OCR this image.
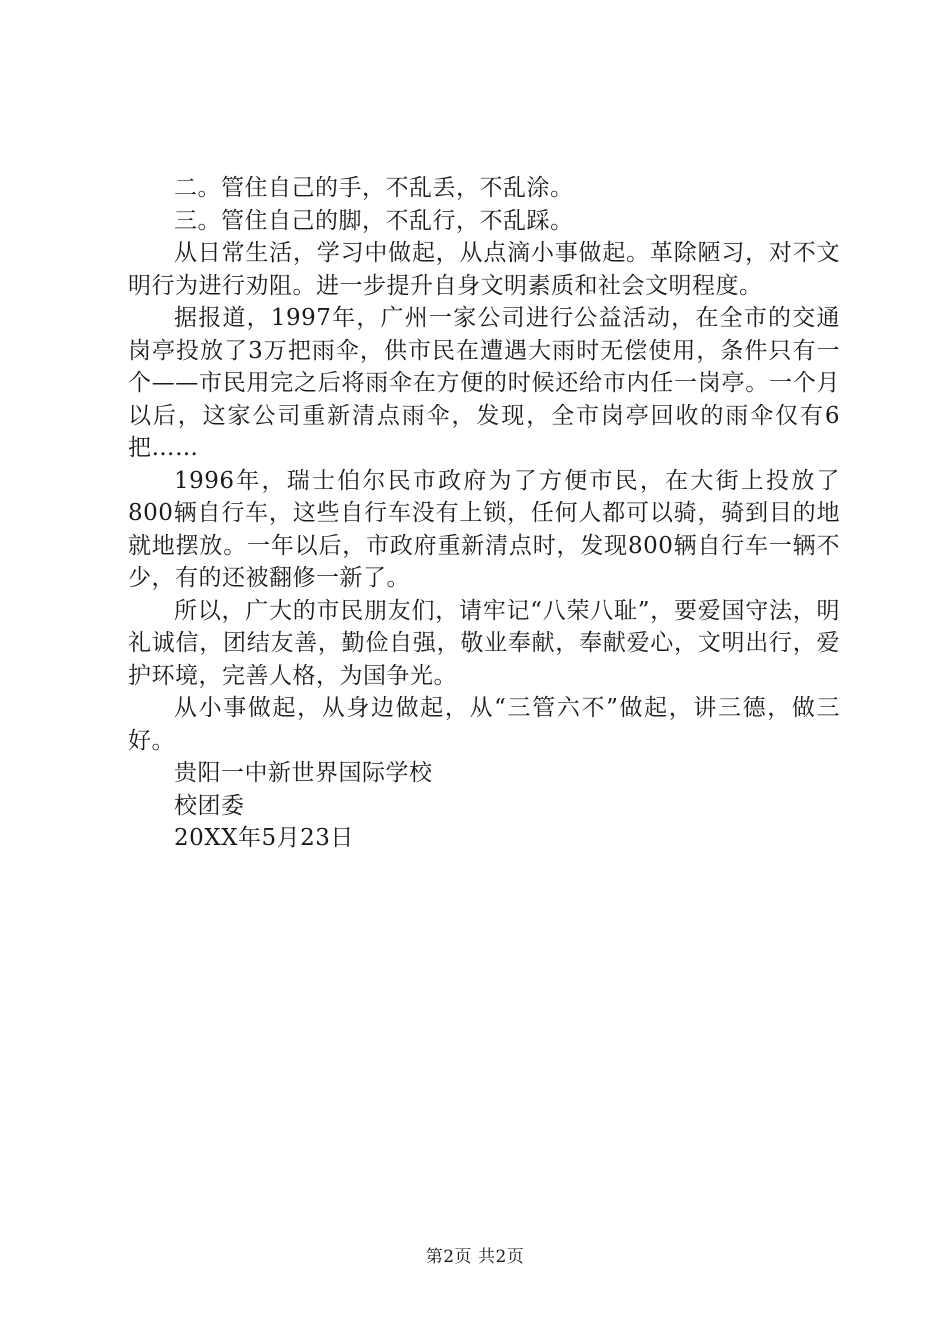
二。管住自己的手，不乱丢，不乱涂。

三。管住自己的脚，不乱行，不乱踩。

从日常生活，学习中做起，从点滴小事做起。革除陋习，对不文明行为进行劝阻。进一步提升自身文明素质和社会文明程度。

据报道，1997年，广州一家公司进行公益活动，在全市的交通岗亭投放了3万把雨伞，供市民在遭遇大雨时无偿使用，条件只有一个——市民用完之后将雨伞在方便的时候还给市内任一岗亭。一个月以后，这家公司重新清点雨伞，发现，全市岗亭回收的雨伞仅有6把……

1996年，瑞士伯尔民市政府为了方便市民，在大街上投放了800辆自行车，这些自行车没有上锁，任何人都可以骑，骑到目的地就地摆放。一年以后，市政府重新清点时，发现800辆自行车一辆不少，有的还被翻修一新了。

所以，广大的市民朋友们，请牢记“八荣八耻”，要爱国守法，明礼诚信，团结友善，勤俭自强，敬业奉献，奉献爱心，文明出行，爱护环境，完善人格，为国争光。

从小事做起，从身边做起，从“三管六不”做起，讲三德，做三好。

贵阳一中新世界国际学校

校团委

20XX年5月23日

第2页 共2页
